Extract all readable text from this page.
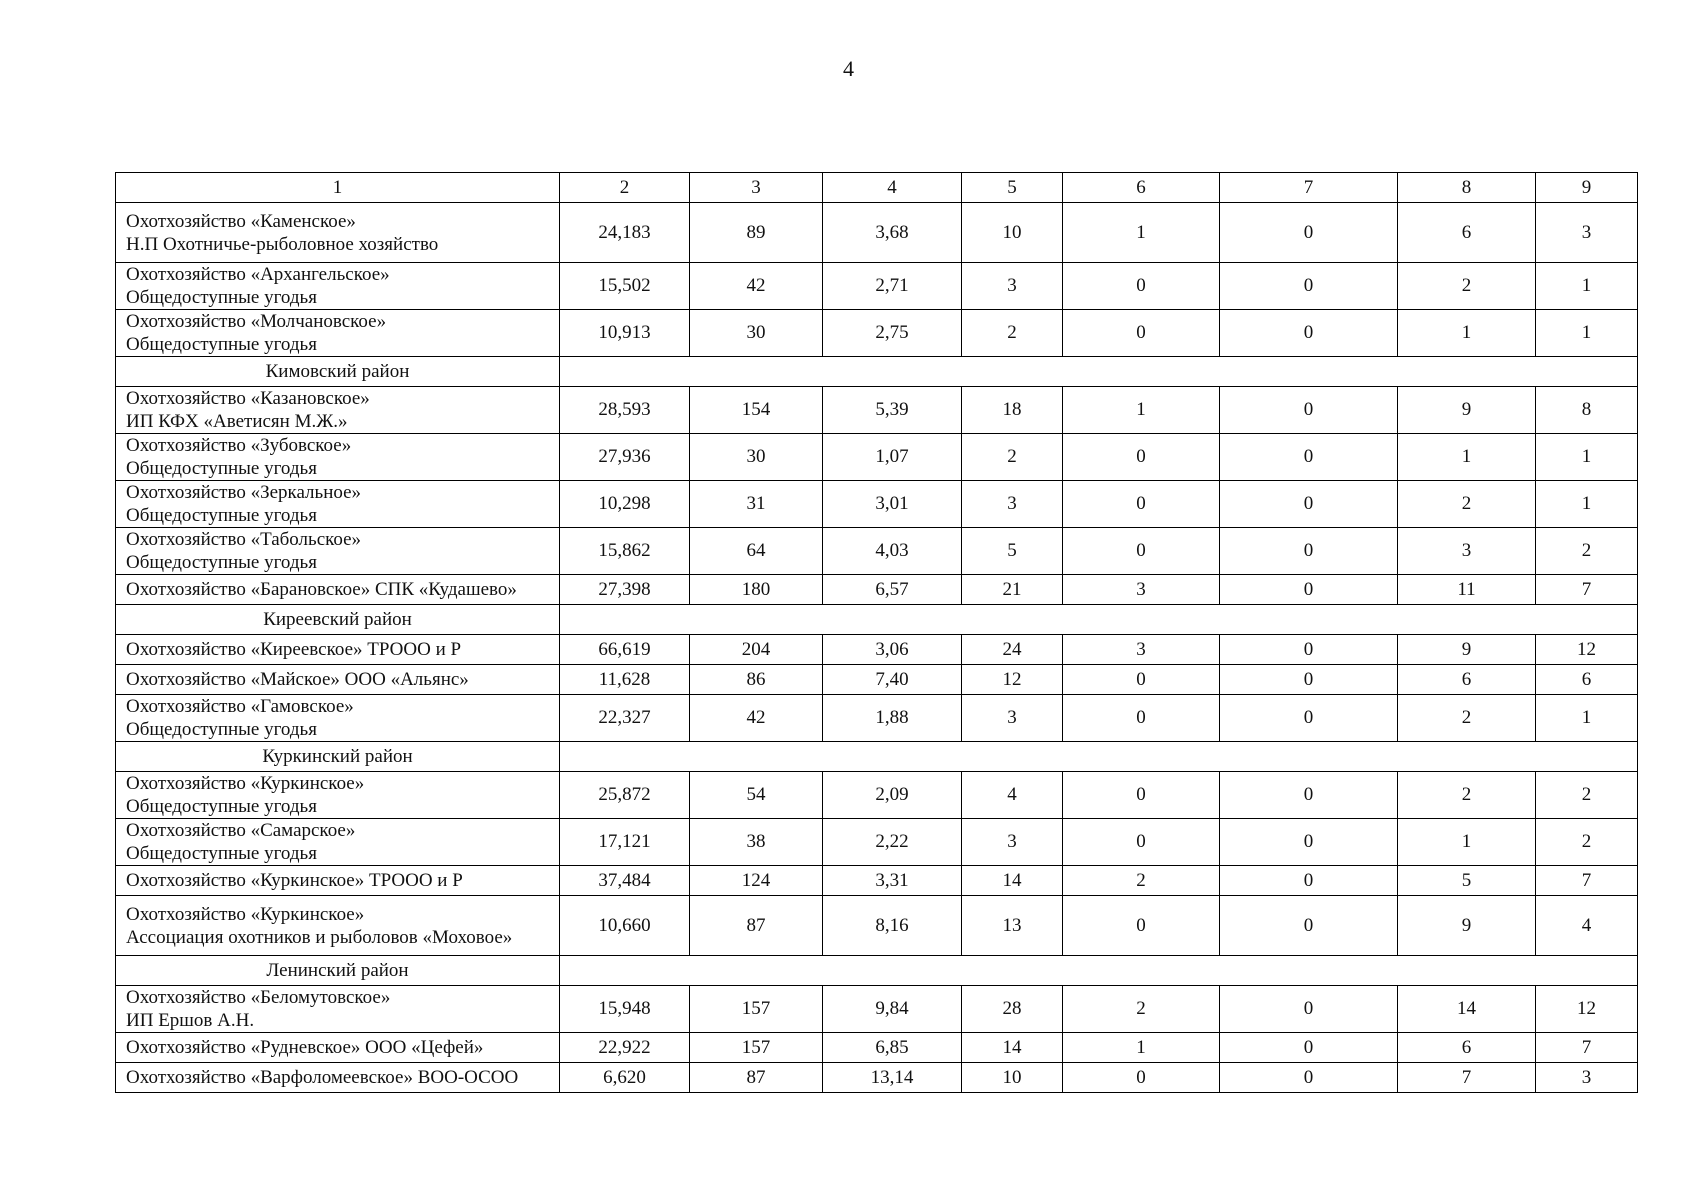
4
1	2	3	4	5	6	7	8	9

Охотхозяйство «Каменское»
Н.П Охотничье-рыболовное хозяйство	24,183	89	3,68	10	1	0	6	3

Охотхозяйство «Архангельское»
Общедоступные угодья	15,502	42	2,71	3	0	0	2	1

Охотхозяйство «Молчановское»
Общедоступные угодья	10,913	30	2,75	2	0	0	1	1
Кимовский район								

Охотхозяйство «Казановское»
ИП КФХ «Аветисян М.Ж.»	28,593	154	5,39	18	1	0	9	8

Охотхозяйство «Зубовское»
Общедоступные угодья	27,936	30	1,07	2	0	0	1	1

Охотхозяйство «Зеркальное»
Общедоступные угодья	10,298	31	3,01	3	0	0	2	1

Охотхозяйство «Табольское»
Общедоступные угодья	15,862	64	4,03	5	0	0	3	2

Охотхозяйство «Барановское» СПК «Кудашево»	27,398	180	6,57	21	3	0	11	7
Киреевский район								

Охотхозяйство «Киреевское» ТРООО и Р	66,619	204	3,06	24	3	0	9	12

Охотхозяйство «Майское» ООО «Альянс»	11,628	86	7,40	12	0	0	6	6

Охотхозяйство «Гамовское»
Общедоступные угодья	22,327	42	1,88	3	0	0	2	1
Куркинский район								

Охотхозяйство «Куркинское»
Общедоступные угодья	25,872	54	2,09	4	0	0	2	2

Охотхозяйство «Самарское»
Общедоступные угодья	17,121	38	2,22	3	0	0	1	2

Охотхозяйство «Куркинское» ТРООО и Р	37,484	124	3,31	14	2	0	5	7

Охотхозяйство «Куркинское»
Ассоциация охотников и рыболовов «Моховое»	10,660	87	8,16	13	0	0	9	4
Ленинский район								

Охотхозяйство «Беломутовское»
ИП Ершов А.Н.	15,948	157	9,84	28	2	0	14	12

Охотхозяйство «Рудневское» ООО «Цефей»	22,922	157	6,85	14	1	0	6	7

Охотхозяйство «Варфоломеевское» ВОО-ОСОО	6,620	87	13,14	10	0	0	7	3
